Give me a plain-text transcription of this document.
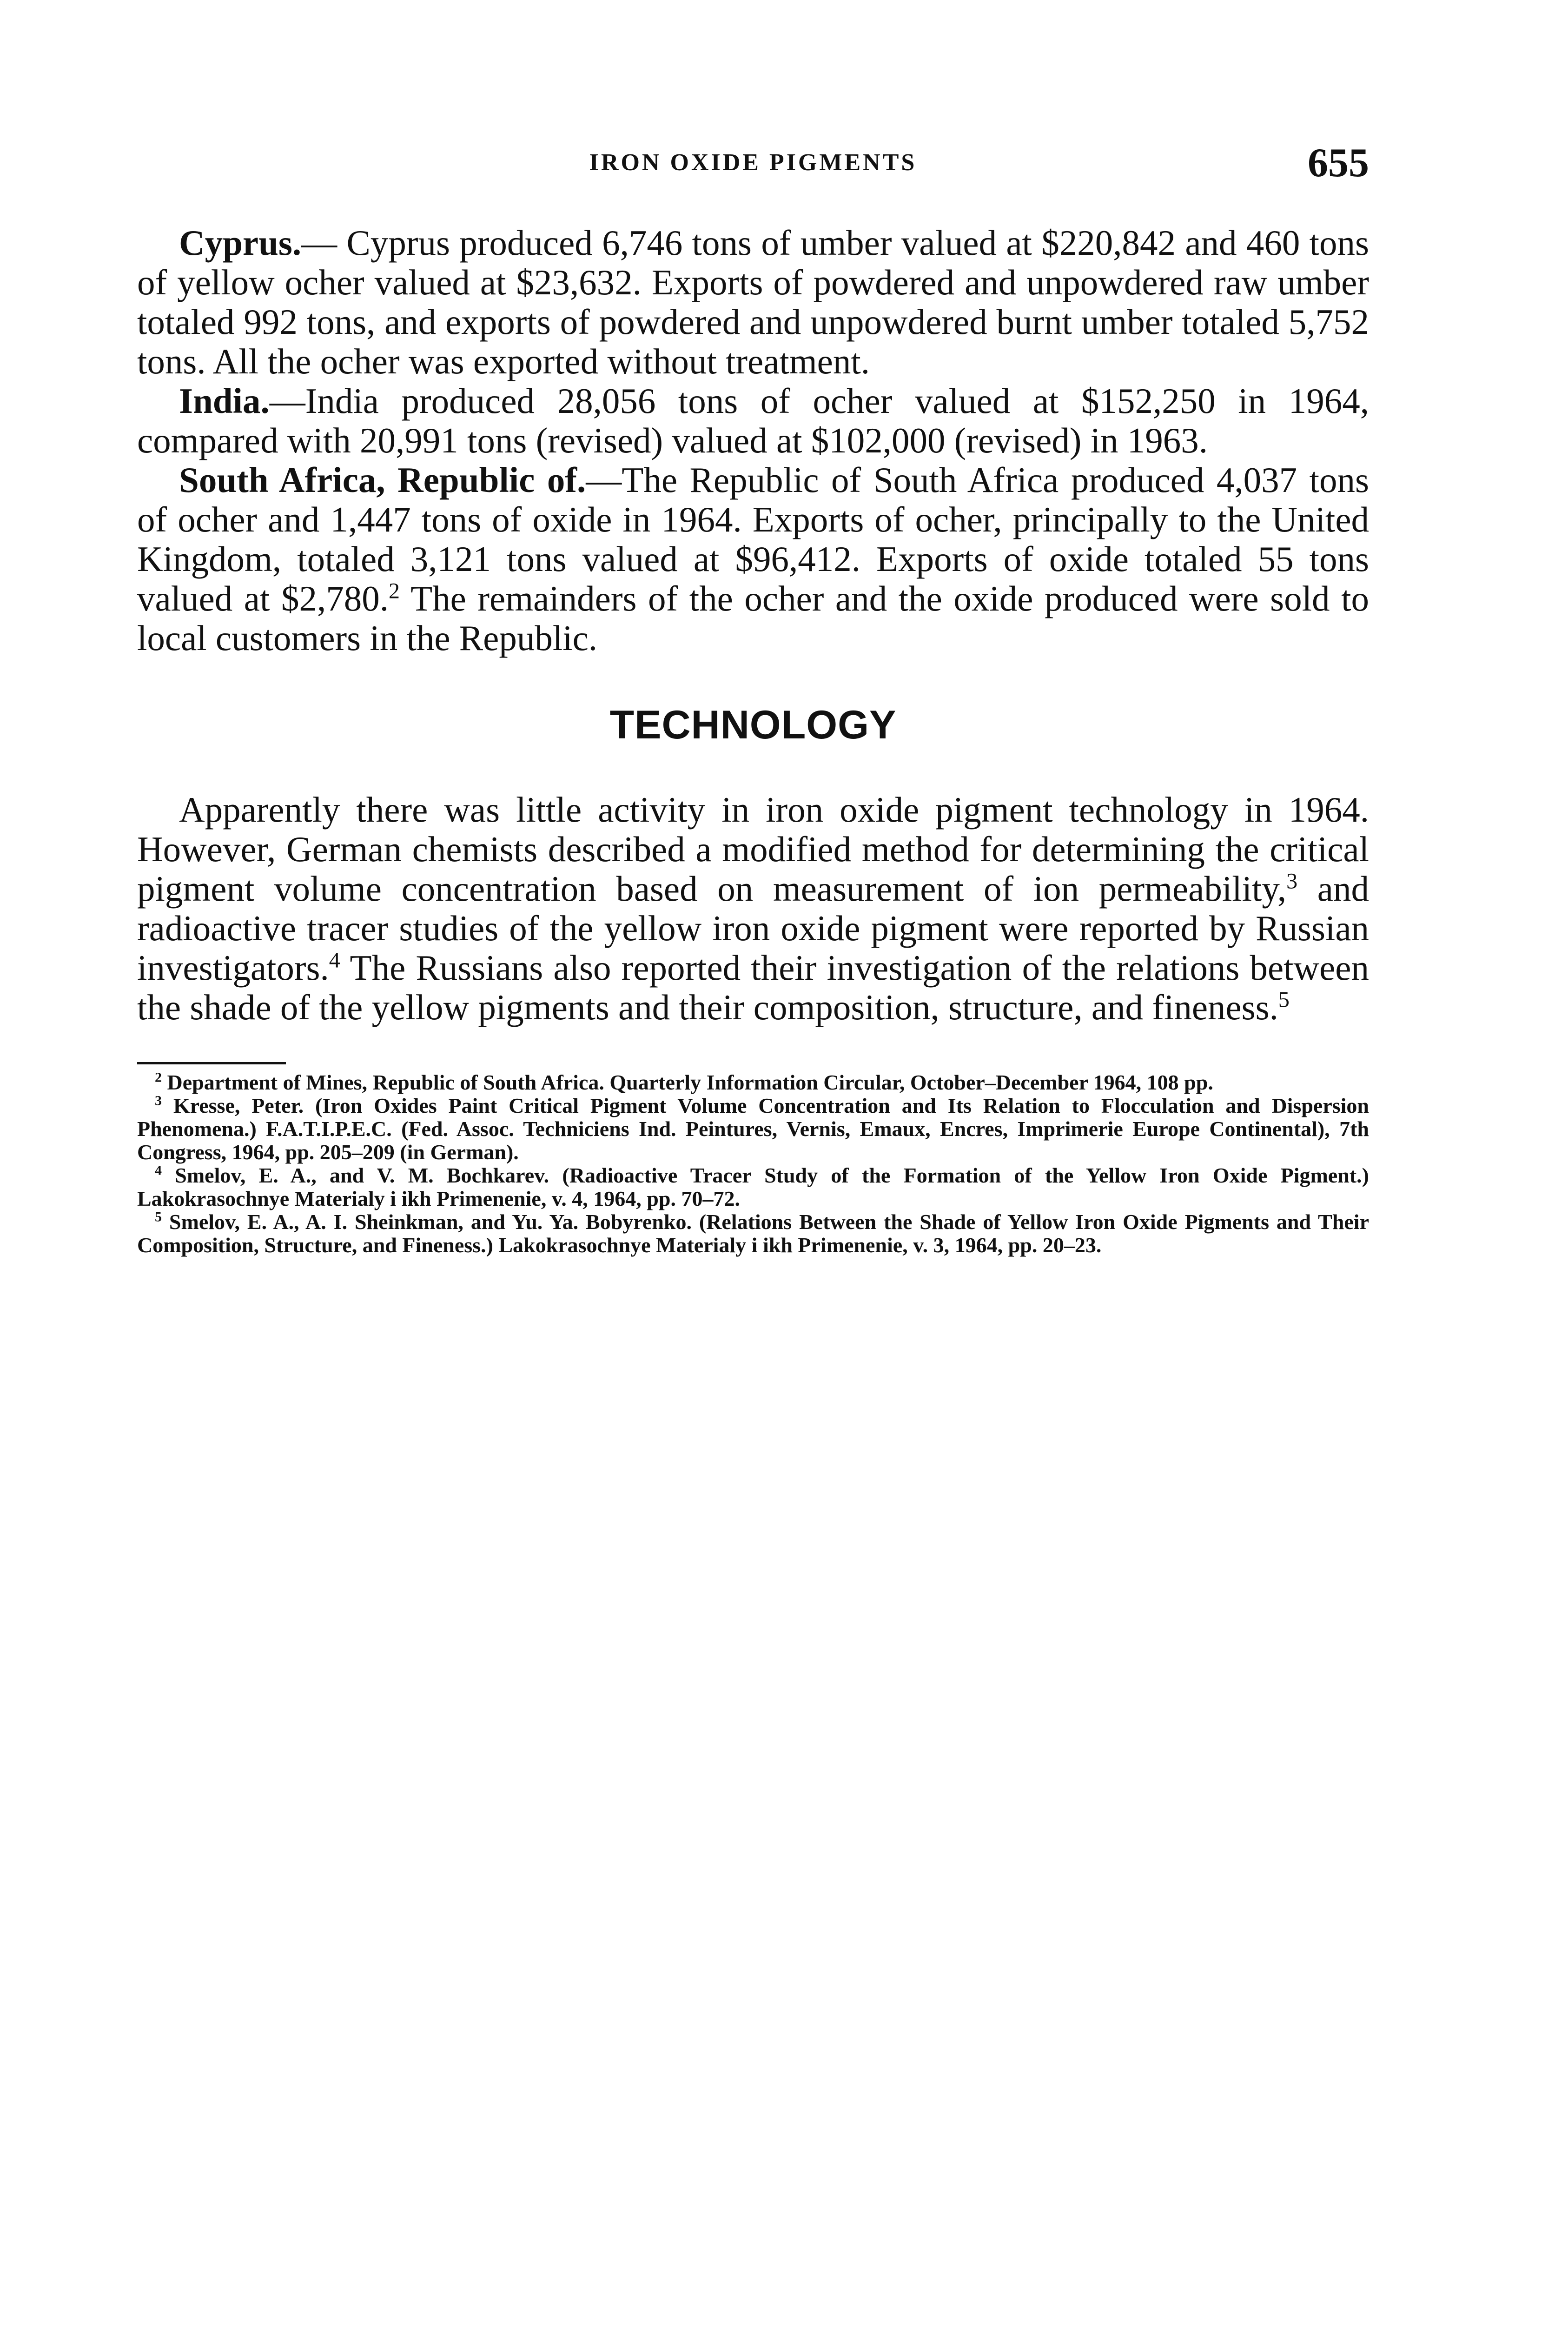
IRON OXIDE PIGMENTS	655

Cyprus.— Cyprus produced 6,746 tons of umber valued at $220,842 and 460 tons of yellow ocher valued at $23,632. Exports of powdered and unpowdered raw umber totaled 992 tons, and exports of powdered and unpowdered burnt umber totaled 5,752 tons. All the ocher was exported without treatment.

India.—India produced 28,056 tons of ocher valued at $152,250 in 1964, compared with 20,991 tons (revised) valued at $102,000 (revised) in 1963.

South Africa, Republic of.—The Republic of South Africa produced 4,037 tons of ocher and 1,447 tons of oxide in 1964. Exports of ocher, principally to the United Kingdom, totaled 3,121 tons valued at $96,412. Exports of oxide totaled 55 tons valued at $2,780.$^2$ The remainders of the ocher and the oxide produced were sold to local customers in the Republic.

TECHNOLOGY

Apparently there was little activity in iron oxide pigment technology in 1964. However, German chemists described a modified method for determining the critical pigment volume concentration based on measurement of ion permeability,$^3$ and radioactive tracer studies of the yellow iron oxide pigment were reported by Russian investigators.$^4$ The Russians also reported their investigation of the relations between the shade of the yellow pigments and their composition, structure, and fineness.$^5$

$^2$ Department of Mines, Republic of South Africa. Quarterly Information Circular, October–December 1964, 108 pp.

$^3$ Kresse, Peter. (Iron Oxides Paint Critical Pigment Volume Concentration and Its Relation to Flocculation and Dispersion Phenomena.) F.A.T.I.P.E.C. (Fed. Assoc. Techniciens Ind. Peintures, Vernis, Emaux, Encres, Imprimerie Europe Continental), 7th Congress, 1964, pp. 205–209 (in German).

$^4$ Smelov, E. A., and V. M. Bochkarev. (Radioactive Tracer Study of the Formation of the Yellow Iron Oxide Pigment.) Lakokrasochnye Materialy i ikh Primenenie, v. 4, 1964, pp. 70–72.

$^5$ Smelov, E. A., A. I. Sheinkman, and Yu. Ya. Bobyrenko. (Relations Between the Shade of Yellow Iron Oxide Pigments and Their Composition, Structure, and Fineness.) Lakokrasochnye Materialy i ikh Primenenie, v. 3, 1964, pp. 20–23.
